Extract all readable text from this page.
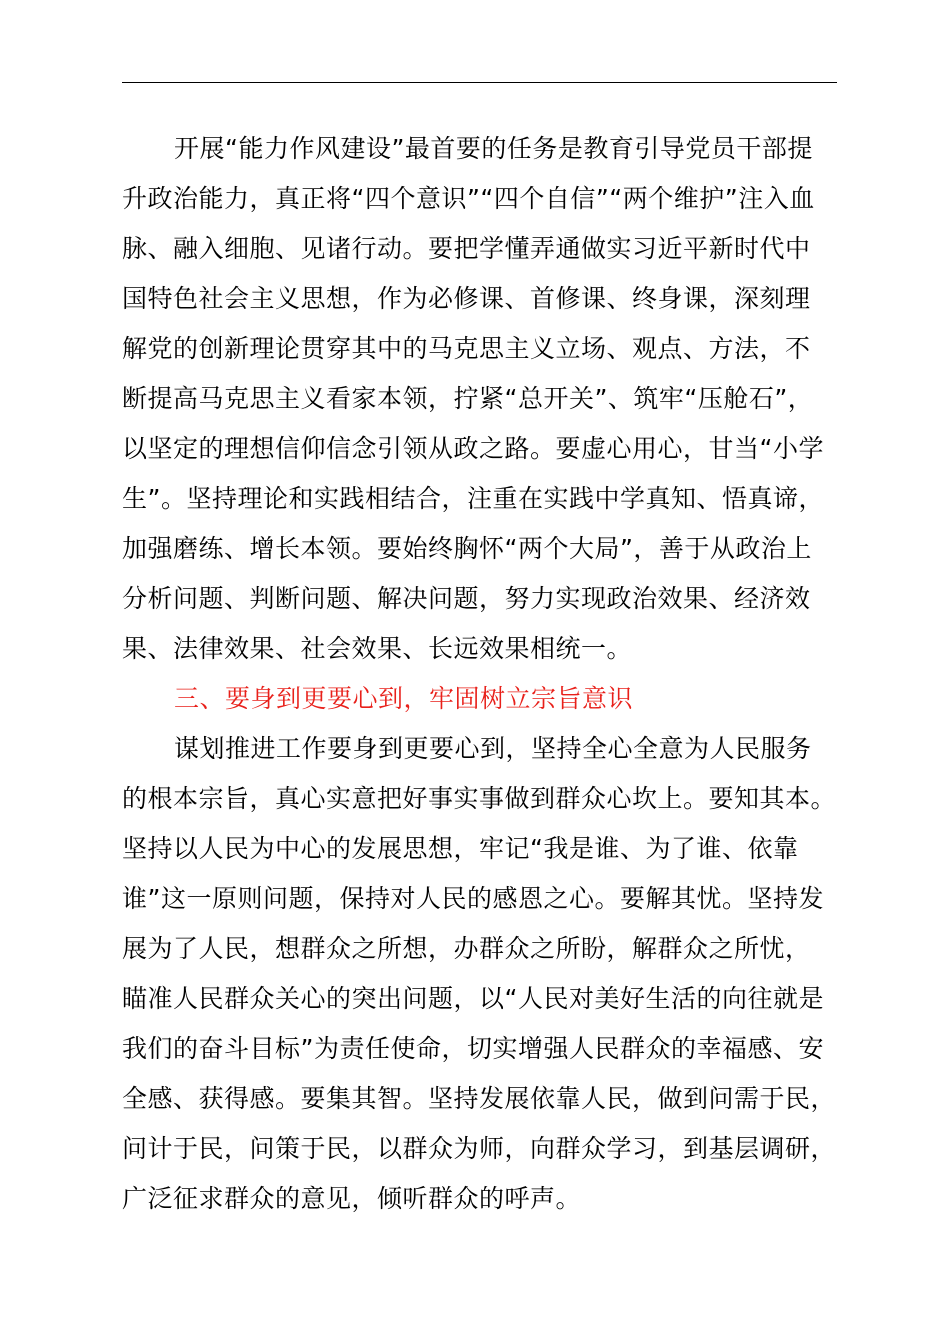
开展“能力作风建设”最首要的任务是教育引导党员干部提
升政治能力，真正将“四个意识”“四个自信”“两个维护”注入血
脉、融入细胞、见诸行动。要把学懂弄通做实习近平新时代中
国特色社会主义思想，作为必修课、首修课、终身课，深刻理
解党的创新理论贯穿其中的马克思主义立场、观点、方法，不
断提高马克思主义看家本领，拧紧“总开关”、筑牢“压舱石”，
以坚定的理想信仰信念引领从政之路。要虚心用心，甘当“小学
生”。坚持理论和实践相结合，注重在实践中学真知、悟真谛，
加强磨练、增长本领。要始终胸怀“两个大局”，善于从政治上
分析问题、判断问题、解决问题，努力实现政治效果、经济效
果、法律效果、社会效果、长远效果相统一。
三、要身到更要心到，牢固树立宗旨意识
谋划推进工作要身到更要心到，坚持全心全意为人民服务
的根本宗旨，真心实意把好事实事做到群众心坎上。要知其本。
坚持以人民为中心的发展思想，牢记“我是谁、为了谁、依靠
谁”这一原则问题，保持对人民的感恩之心。要解其忧。坚持发
展为了人民，想群众之所想，办群众之所盼，解群众之所忧，
瞄准人民群众关心的突出问题，以“人民对美好生活的向往就是
我们的奋斗目标”为责任使命，切实增强人民群众的幸福感、安
全感、获得感。要集其智。坚持发展依靠人民，做到问需于民，
问计于民，问策于民，以群众为师，向群众学习，到基层调研，
广泛征求群众的意见，倾听群众的呼声。
